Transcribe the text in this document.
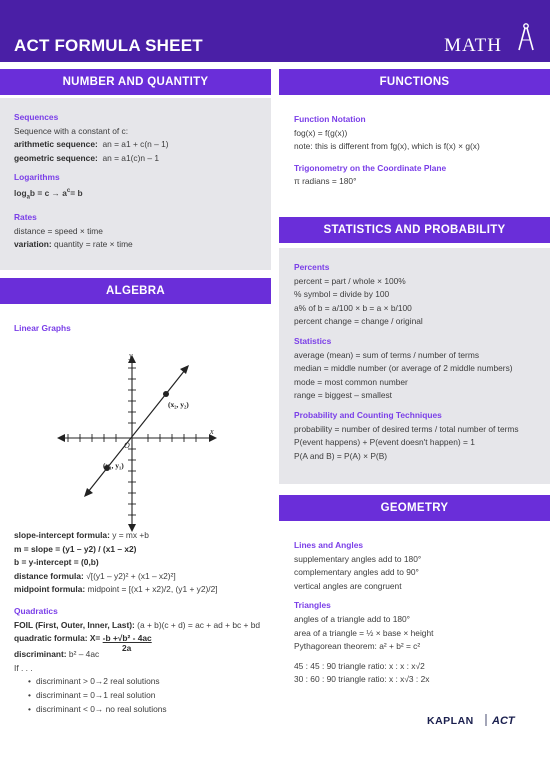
ACT FORMULA SHEET	MATH
NUMBER AND QUANTITY
Sequences
Sequence with a constant of c:
arithmetic sequence: an = a1 + c(n – 1)
geometric sequence: an = a1(c)n – 1
Logarithms
$\log_ab = c \to a^c= b$
Rates
distance = speed × time
variation: quantity = rate × time
FUNCTIONS
Function Notation
fog(x) = f(g(x))
note: this is different from fg(x), which is f(x) × g(x)
Trigonometry on the Coordinate Plane
π radians = 180°
STATISTICS AND PROBABILITY
Percents
percent = part / whole × 100%
% symbol = divide by 100
a% of b = a/100 × b = a × b/100
percent change = change / original
Statistics
average (mean) = sum of terms / number of terms
median = middle number (or average of 2 middle numbers)
mode = most common number
range = biggest – smallest
Probability and Counting Techniques
probability = number of desired terms / total number of terms
P(event happens) + P(event doesn't happen) = 1
P(A and B) = P(A) × P(B)
ALGEBRA
Linear Graphs
y
x
O
(x₂, y₂)
(x₁, y₁)
slope-intercept formula: y = mx +b
m = slope = (y1 – y2) / (x1 – x2)
b = y-intercept = (0,b)
distance formula: √[(y1 – y2)² + (x1 – x2)²]
midpoint formula: midpoint = [(x1 + x2)/2, (y1 + y2)/2]
Quadratics
FOIL (First, Outer, Inner, Last): (a + b)(c + d) = ac + ad + bc + bd
quadratic formula: X= -b +√b² - 4ac
2a
discriminant: b² – 4ac
If . . .
• discriminant > 0→2 real solutions
• discriminant = 0→1 real solution
• discriminant < 0→ no real solutions
GEOMETRY
Lines and Angles
supplementary angles add to 180°
complementary angles add to 90°
vertical angles are congruent
Triangles
angles of a triangle add to 180°
area of a triangle = ½ × base × height
Pythagorean theorem: a² + b² = c²
45 : 45 : 90 triangle ratio: x : x : x√2
30 : 60 : 90 triangle ratio: x : x√3 : 2x
KAPLAN ACT
